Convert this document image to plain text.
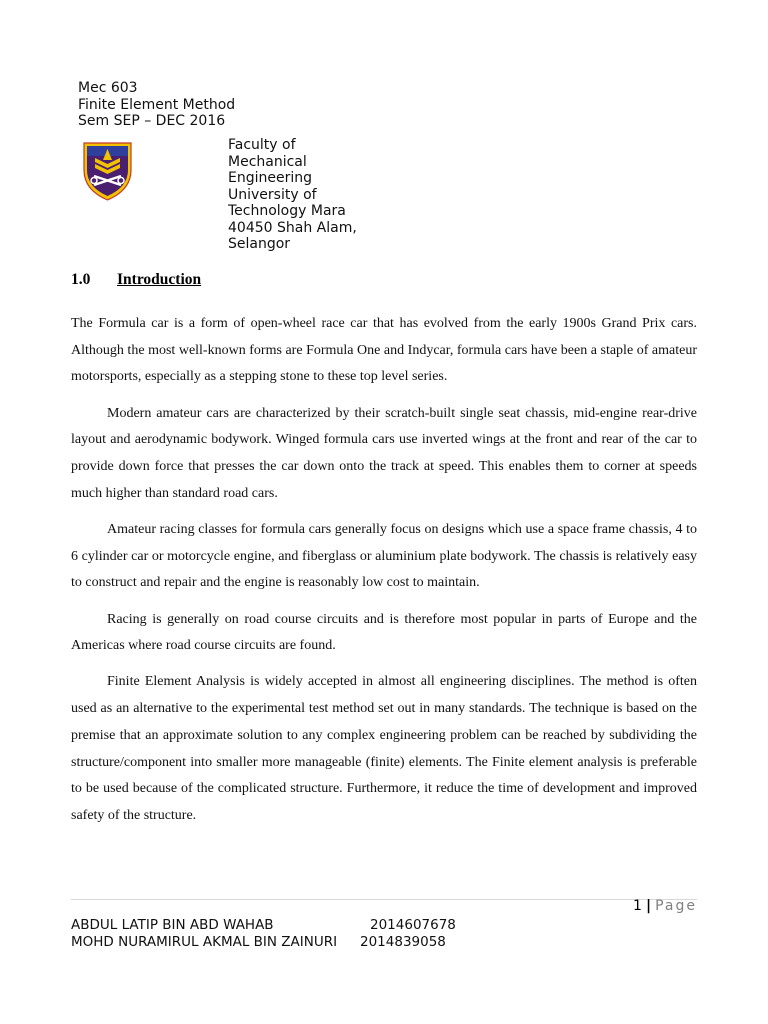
Mec 603
Finite Element Method
Sem SEP – DEC 2016
Faculty of
Mechanical
Engineering
University of
Technology Mara
40450 Shah Alam,
Selangor
1.0 Introduction

The Formula car is a form of open-wheel race car that has evolved from the early 1900s Grand Prix cars. Although the most well-known forms are Formula One and Indycar, formula cars have been a staple of amateur motorsports, especially as a stepping stone to these top level series.

Modern amateur cars are characterized by their scratch-built single seat chassis, mid-engine rear-drive layout and aerodynamic bodywork. Winged formula cars use inverted wings at the front and rear of the car to provide down force that presses the car down onto the track at speed. This enables them to corner at speeds much higher than standard road cars.

Amateur racing classes for formula cars generally focus on designs which use a space frame chassis, 4 to 6 cylinder car or motorcycle engine, and fiberglass or aluminium plate bodywork. The chassis is relatively easy to construct and repair and the engine is reasonably low cost to maintain.

Racing is generally on road course circuits and is therefore most popular in parts of Europe and the Americas where road course circuits are found.

Finite Element Analysis is widely accepted in almost all engineering disciplines. The method is often used as an alternative to the experimental test method set out in many standards. The technique is based on the premise that an approximate solution to any complex engineering problem can be reached by subdividing the structure/component into smaller more manageable (finite) elements. The Finite element analysis is preferable to be used because of the complicated structure. Furthermore, it reduce the time of development and improved safety of the structure.

1 | Page
ABDUL LATIP BIN ABD WAHAB	2014607678
MOHD NURAMIRUL AKMAL BIN ZAINURI 2014839058
